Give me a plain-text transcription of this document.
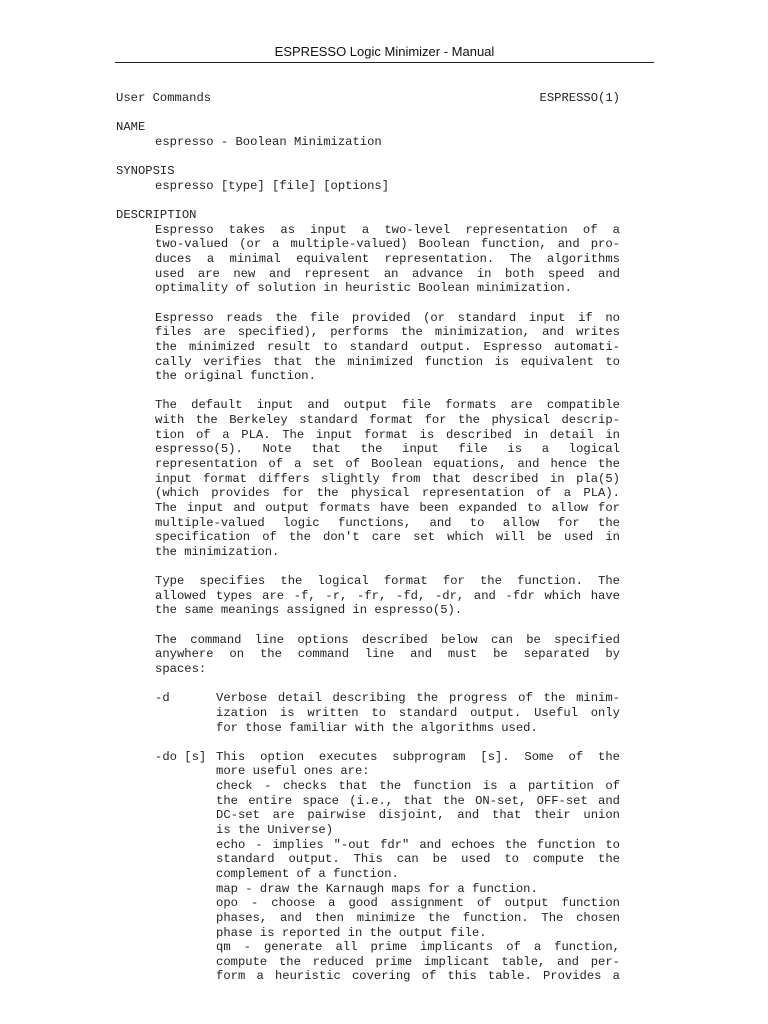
ESPRESSO Logic Minimizer - Manual
User Commands	ESPRESSO(1)
NAME
espresso - Boolean Minimization
SYNOPSIS
espresso [type] [file] [options]
DESCRIPTION
Espresso takes as input a two-level representation of a
two-valued (or a multiple-valued) Boolean function, and pro-
duces a minimal equivalent representation. The algorithms
used are new and represent an advance in both speed and
optimality of solution in heuristic Boolean minimization.
Espresso reads the file provided (or standard input if no
files are specified), performs the minimization, and writes
the minimized result to standard output. Espresso automati-
cally verifies that the minimized function is equivalent to
the original function.
The default input and output file formats are compatible
with the Berkeley standard format for the physical descrip-
tion of a PLA. The input format is described in detail in
espresso(5). Note that the input file is a logical
representation of a set of Boolean equations, and hence the
input format differs slightly from that described in pla(5)
(which provides for the physical representation of a PLA).
The input and output formats have been expanded to allow for
multiple-valued logic functions, and to allow for the
specification of the don't care set which will be used in
the minimization.
Type specifies the logical format for the function. The
allowed types are -f, -r, -fr, -fd, -dr, and -fdr which have
the same meanings assigned in espresso(5).
The command line options described below can be specified
anywhere on the command line and must be separated by
spaces:
-d	Verbose detail describing the progress of the minim-
ization is written to standard output. Useful only
for those familiar with the algorithms used.
-do [s] This option executes subprogram [s]. Some of the
more useful ones are:
check - checks that the function is a partition of
the entire space (i.e., that the ON-set, OFF-set and
DC-set are pairwise disjoint, and that their union
is the Universe)
echo - implies "-out fdr" and echoes the function to
standard output. This can be used to compute the
complement of a function.
map - draw the Karnaugh maps for a function.
opo - choose a good assignment of output function
phases, and then minimize the function. The chosen
phase is reported in the output file.
qm - generate all prime implicants of a function,
compute the reduced prime implicant table, and per-
form a heuristic covering of this table. Provides a
